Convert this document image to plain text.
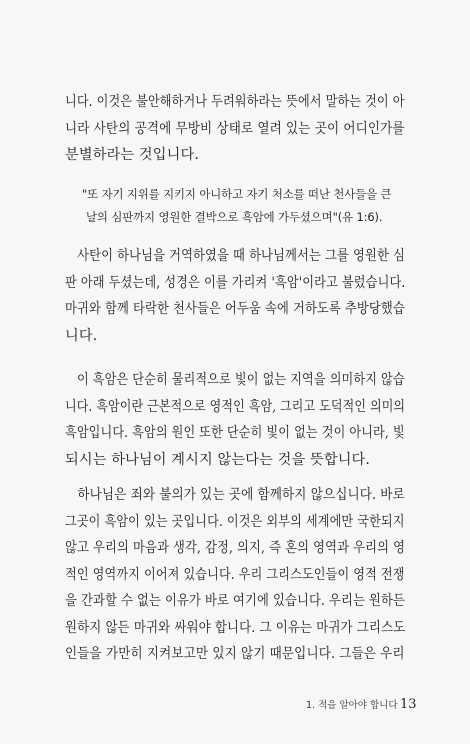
니다. 이것은 불안해하거나 두려워하라는 뜻에서 말하는 것이 아
니라 사탄의 공격에 무방비 상태로 열려 있는 곳이 어디인가를
분별하라는 것입니다.
"또 자기 지위를 지키지 아니하고 자기 처소를 떠난 천사들을 큰
날의 심판까지 영원한 결박으로 흑암에 가두셨으며"(유 1:6).
사탄이 하나님을 거역하였을 때 하나님께서는 그를 영원한 심
판 아래 두셨는데, 성경은 이를 가리켜 '흑암'이라고 불렀습니다.
마귀와 함께 타락한 천사들은 어두움 속에 거하도록 추방당했습
니다.
이 흑암은 단순히 물리적으로 빛이 없는 지역을 의미하지 않습
니다. 흑암이란 근본적으로 영적인 흑암, 그리고 도덕적인 의미의
흑암입니다. 흑암의 원인 또한 단순히 빛이 없는 것이 아니라, 빛
되시는 하나님이 계시지 않는다는 것을 뜻합니다.
하나님은 죄와 불의가 있는 곳에 함께하지 않으십니다. 바로
그곳이 흑암이 있는 곳입니다. 이것은 외부의 세계에만 국한되지
않고 우리의 마음과 생각, 감정, 의지, 즉 혼의 영역과 우리의 영
적인 영역까지 이어져 있습니다. 우리 그리스도인들이 영적 전쟁
을 간과할 수 없는 이유가 바로 여기에 있습니다. 우리는 원하든
원하지 않든 마귀와 싸워야 합니다. 그 이유는 마귀가 그리스도
인들을 가만히 지켜보고만 있지 않기 때문입니다. 그들은 우리
1. 적을 알아야 합니다 13
